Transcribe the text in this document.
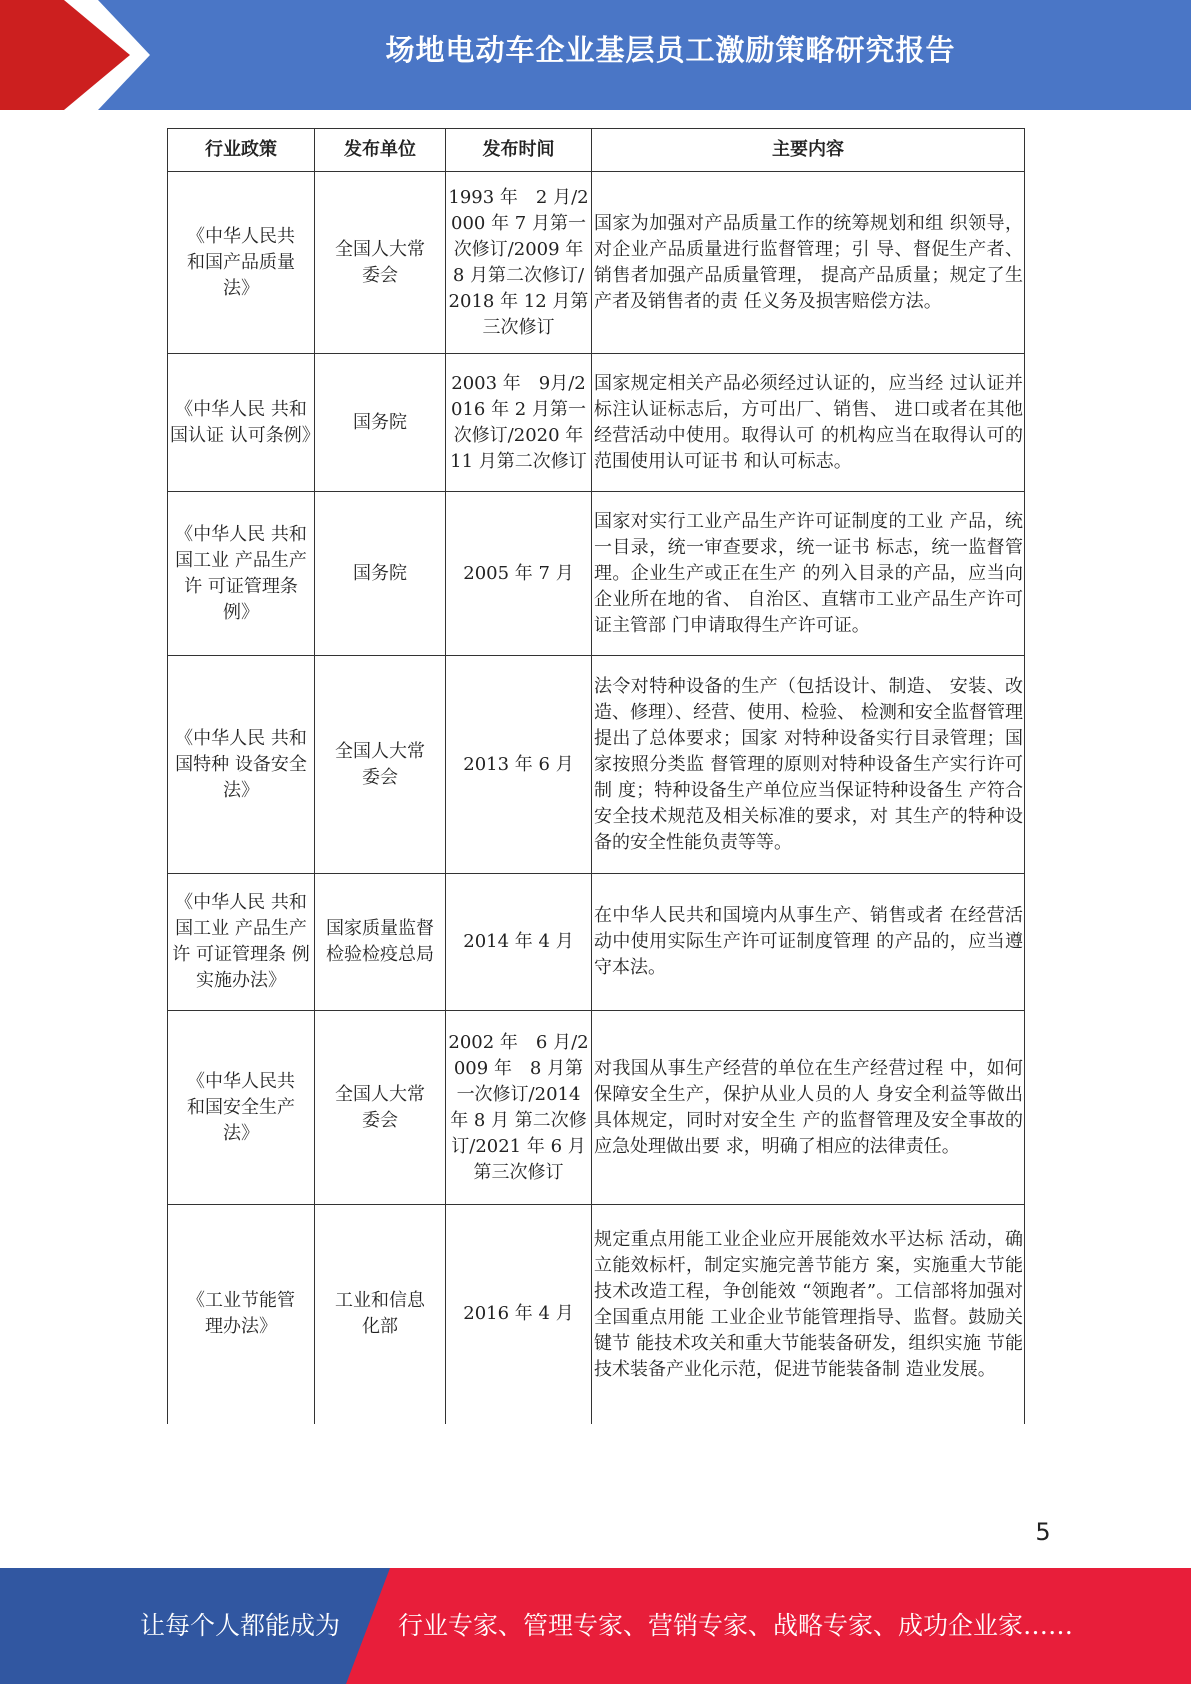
场地电动车企业基层员工激励策略研究报告
行业政策	发布单位	发布时间	主要内容
《中华人民共和国产品质量法》	全国人大常委会	1993 年　2 月/2000 年 7 月第一次修订/2009 年 8 月第二次修订/2018 年 12 月第三次修订	国家为加强对产品质量工作的统筹规划和组 织领导，对企业产品质量进行监督管理；引 导、督促生产者、销售者加强产品质量管理， 提高产品质量；规定了生产者及销售者的责 任义务及损害赔偿方法。
《中华人民 共和国认证 认可条例》	国务院	2003 年　9月/2016 年 2 月第一次修订/2020 年 11 月第二次修订	国家规定相关产品必须经过认证的，应当经 过认证并标注认证标志后，方可出厂、销售、 进口或者在其他经营活动中使用。取得认可 的机构应当在取得认可的范围使用认可证书 和认可标志。
《中华人民 共和国工业 产品生产许 可证管理条 例》	国务院	2005 年 7 月	国家对实行工业产品生产许可证制度的工业 产品，统一目录，统一审查要求，统一证书 标志，统一监督管理。企业生产或正在生产 的列入目录的产品，应当向企业所在地的省、 自治区、直辖市工业产品生产许可证主管部 门申请取得生产许可证。
《中华人民 共和国特种 设备安全法》	全国人大常委会	2013 年 6 月	法令对特种设备的生产（包括设计、制造、 安装、改造、修理）、经营、使用、检验、 检测和安全监督管理提出了总体要求；国家 对特种设备实行目录管理；国家按照分类监 督管理的原则对特种设备生产实行许可制 度；特种设备生产单位应当保证特种设备生 产符合安全技术规范及相关标准的要求，对 其生产的特种设备的安全性能负责等等。
《中华人民 共和国工业 产品生产许 可证管理条 例实施办法》	国家质量监督检验检疫总局	2014 年 4 月	在中华人民共和国境内从事生产、销售或者 在经营活动中使用实际生产许可证制度管理 的产品的，应当遵守本法。
《中华人民共和国安全生产法》	全国人大常委会	2002 年　6 月/2009 年　8 月第一次修订/2014 年 8 月 第二次修订/2021 年 6 月 第三次修订	对我国从事生产经营的单位在生产经营过程 中，如何保障安全生产，保护从业人员的人 身安全利益等做出具体规定，同时对安全生 产的监督管理及安全事故的应急处理做出要 求，明确了相应的法律责任。
《工业节能管理办法》	工业和信息化部	2016 年 4 月	规定重点用能工业企业应开展能效水平达标 活动，确立能效标杆，制定实施完善节能方 案，实施重大节能技术改造工程，争创能效 “领跑者”。工信部将加强对全国重点用能 工业企业节能管理指导、监督。鼓励关键节 能技术攻关和重大节能装备研发，组织实施 节能技术装备产业化示范，促进节能装备制 造业发展。
5
让每个人都能成为 行业专家、管理专家、营销专家、战略专家、成功企业家……
